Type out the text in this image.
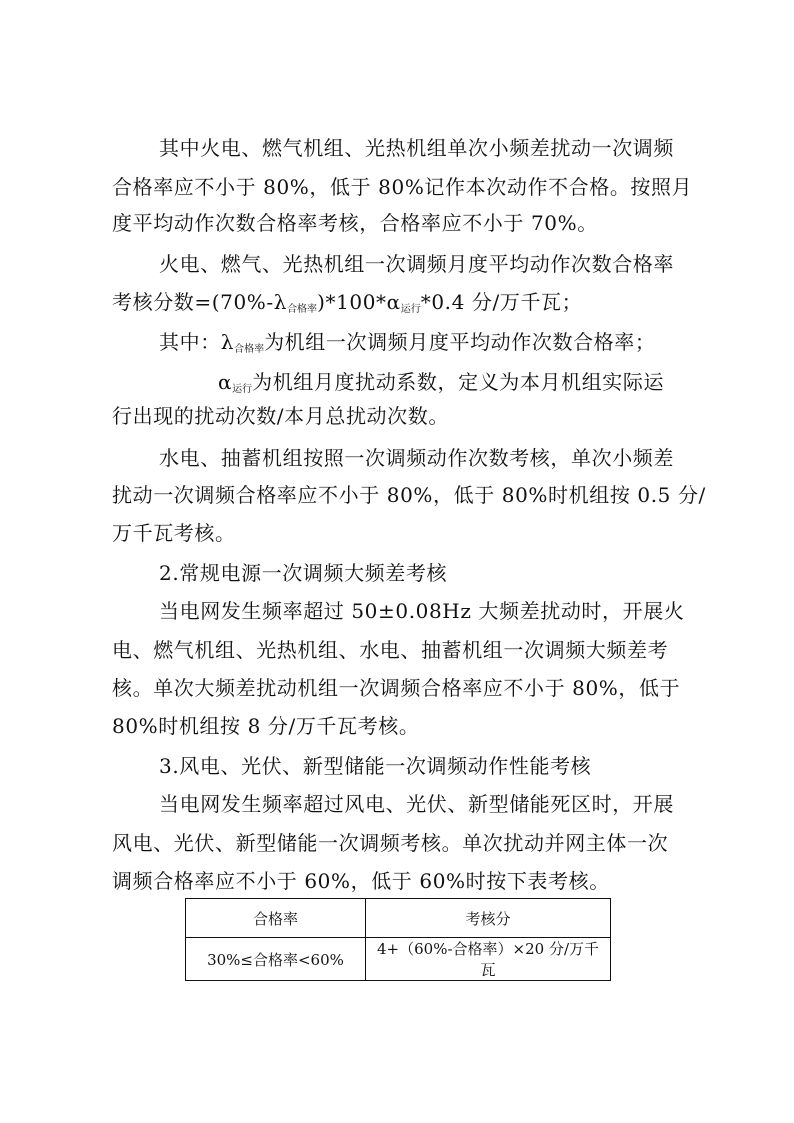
其中火电、燃气机组、光热机组单次小频差扰动一次调频
合格率应不小于 80%，低于 80%记作本次动作不合格。按照月
度平均动作次数合格率考核，合格率应不小于 70%。
火电、燃气、光热机组一次调频月度平均动作次数合格率
考核分数$=(70\%-\lambda_{合格率})*100*\alpha_{运行}*0.4$ 分/万千瓦；
其中：$\lambda_{合格率}$为机组一次调频月度平均动作次数合格率；
$\alpha_{运行}$为机组月度扰动系数，定义为本月机组实际运
行出现的扰动次数/本月总扰动次数。
水电、抽蓄机组按照一次调频动作次数考核，单次小频差
扰动一次调频合格率应不小于 80%，低于 80%时机组按 0.5 分/
万千瓦考核。
2.常规电源一次调频大频差考核
当电网发生频率超过 50±0.08Hz 大频差扰动时，开展火
电、燃气机组、光热机组、水电、抽蓄机组一次调频大频差考
核。单次大频差扰动机组一次调频合格率应不小于 80%，低于
80%时机组按 8 分/万千瓦考核。
3.风电、光伏、新型储能一次调频动作性能考核
当电网发生频率超过风电、光伏、新型储能死区时，开展
风电、光伏、新型储能一次调频考核。单次扰动并网主体一次
调频合格率应不小于 60%，低于 60%时按下表考核。
合格率	考核分
30%≤合格率<60%	4+（60%-合格率）×20 分/万千瓦
